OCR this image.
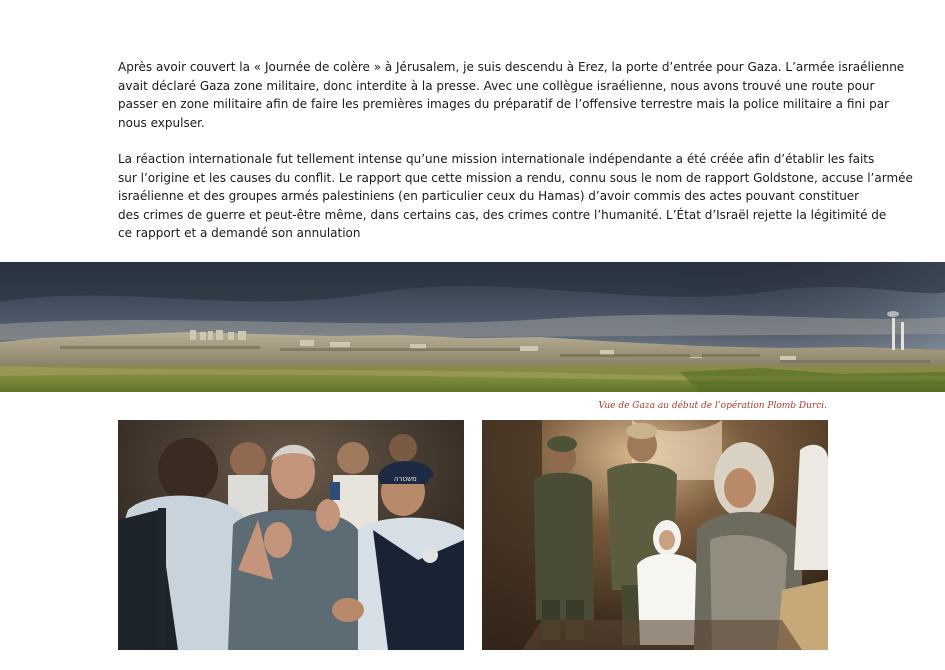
Après avoir couvert la « Journée de colère » à Jérusalem, je suis descendu à Erez, la porte d’entrée pour Gaza. L’armée israélienne
avait déclaré Gaza zone militaire, donc interdite à la presse. Avec une collègue israélienne, nous avons trouvé une route pour
passer en zone militaire afin de faire les premières images du préparatif de l’offensive terrestre mais la police militaire a fini par
nous expulser.
La réaction internationale fut tellement intense qu’une mission internationale indépendante a été créée afin d’établir les faits
sur l’origine et les causes du conflit. Le rapport que cette mission a rendu, connu sous le nom de rapport Goldstone, accuse l’armée
israélienne et des groupes armés palestiniens (en particulier ceux du Hamas) d’avoir commis des actes pouvant constituer
des crimes de guerre et peut-être même, dans certains cas, des crimes contre l’humanité. L’État d’Israël rejette la légitimité de
ce rapport et a demandé son annulation

Vue de Gaza au début de l’opération Plomb Durci.

משטרה
